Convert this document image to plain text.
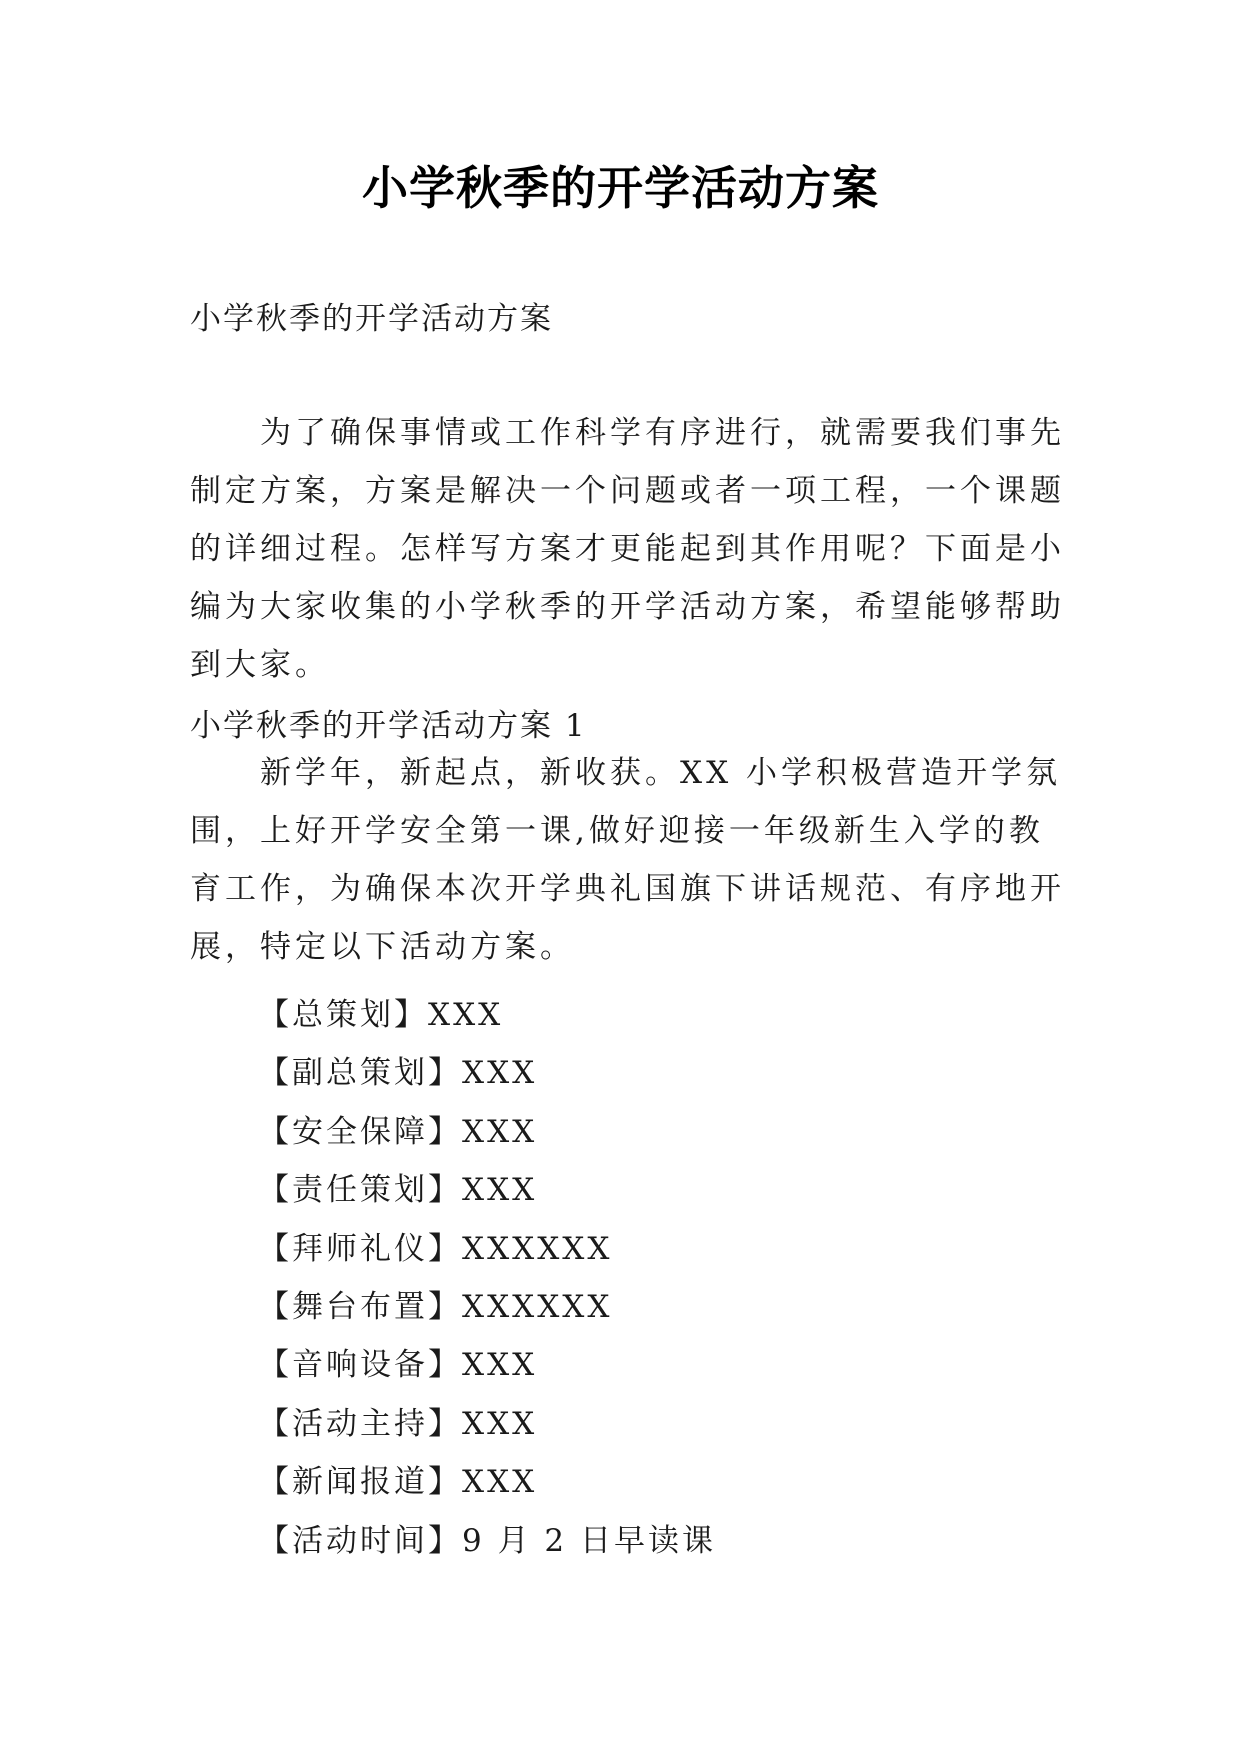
小学秋季的开学活动方案
小学秋季的开学活动方案

为了确保事情或工作科学有序进行，就需要我们事先制定方案，方案是解决一个问题或者一项工程，一个课题的详细过程。怎样写方案才更能起到其作用呢？下面是小编为大家收集的小学秋季的开学活动方案，希望能够帮助到大家。

小学秋季的开学活动方案 1

新学年，新起点，新收获。XX 小学积极营造开学氛围，上好开学安全第一课,做好迎接一年级新生入学的教育工作，为确保本次开学典礼国旗下讲话规范、有序地开展，特定以下活动方案。

【总策划】XXX
【副总策划】XXX
【安全保障】XXX
【责任策划】XXX
【拜师礼仪】XXXXXX
【舞台布置】XXXXXX
【音响设备】XXX
【活动主持】XXX
【新闻报道】XXX
【活动时间】9 月 2 日早读课
